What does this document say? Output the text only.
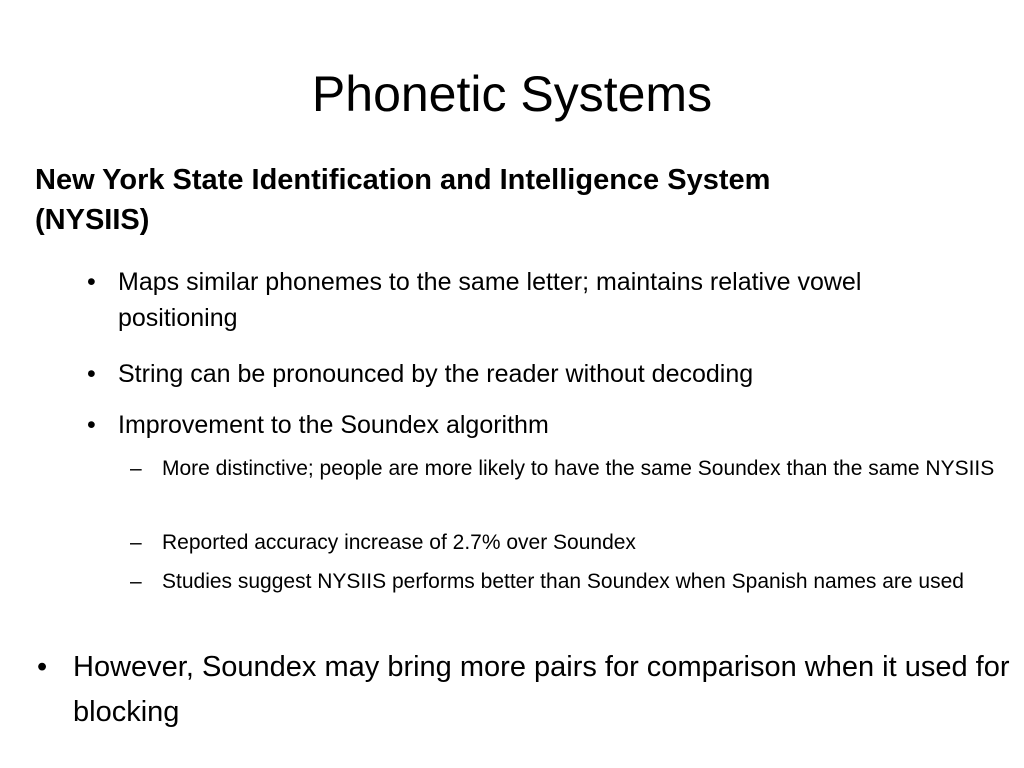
Phonetic Systems
New York State Identification and Intelligence System (NYSIIS)
• Maps similar phonemes to the same letter; maintains relative vowel positioning
• String can be pronounced by the reader without decoding
• Improvement to the Soundex algorithm
– More distinctive; people are more likely to have the same Soundex than the same NYSIIS
– Reported accuracy increase of 2.7% over Soundex
– Studies suggest NYSIIS performs better than Soundex when Spanish names are used
• However, Soundex may bring more pairs for comparison when it used for blocking
